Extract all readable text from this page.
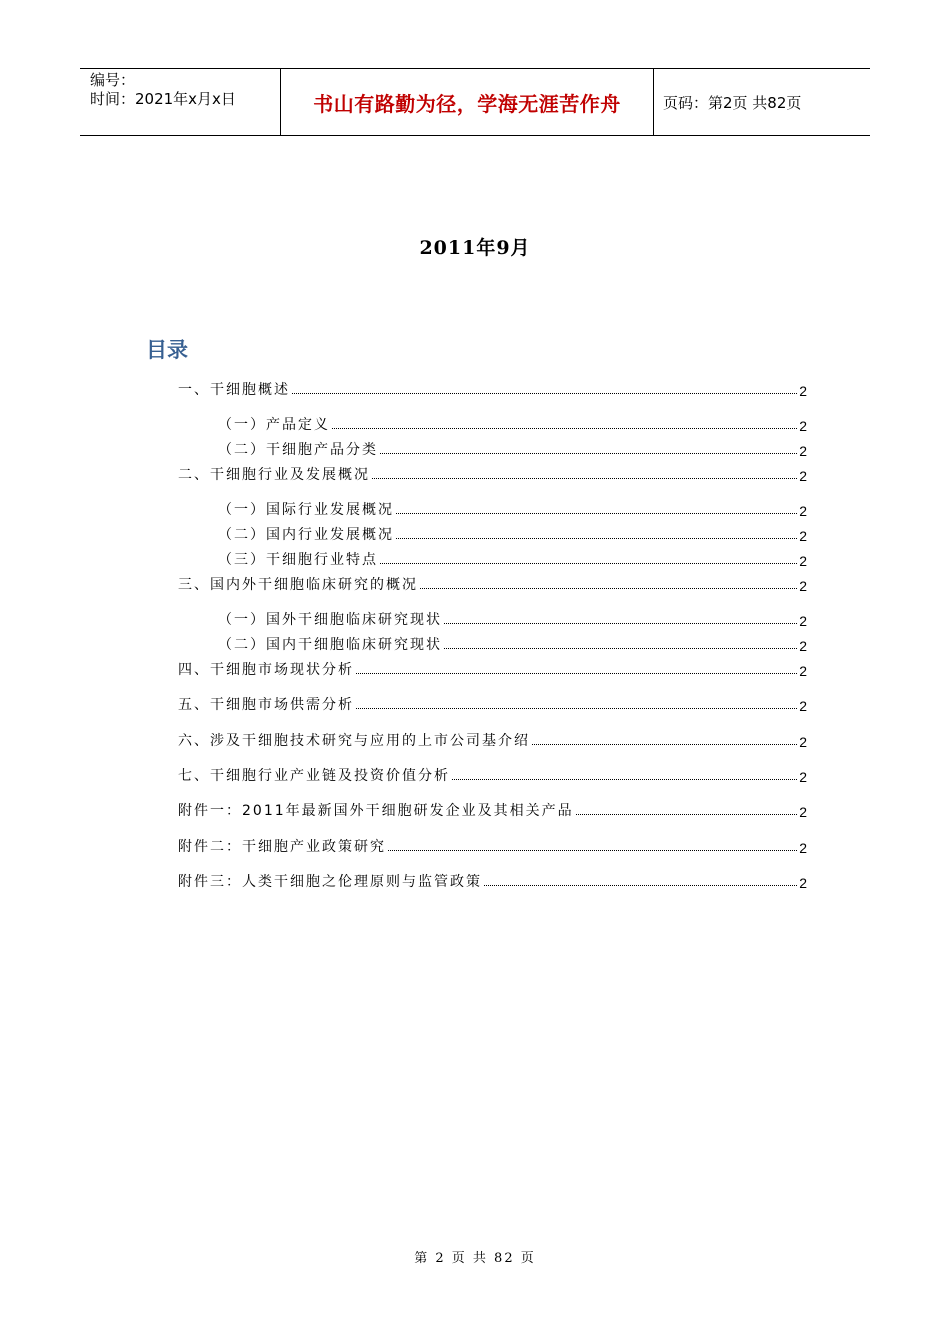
编号：
时间：2021年x月x日	书山有路勤为径，学海无涯苦作舟	页码：第2页 共82页
2011年9月
目录
一、干细胞概述	2
（一）产品定义	2
（二）干细胞产品分类	2
二、干细胞行业及发展概况	2
（一）国际行业发展概况	2
（二）国内行业发展概况	2
（三）干细胞行业特点	2
三、国内外干细胞临床研究的概况	2
（一）国外干细胞临床研究现状	2
（二）国内干细胞临床研究现状	2
四、干细胞市场现状分析	2
五、干细胞市场供需分析	2
六、涉及干细胞技术研究与应用的上市公司基介绍	2
七、干细胞行业产业链及投资价值分析	2
附件一：2011年最新国外干细胞研发企业及其相关产品	2
附件二：干细胞产业政策研究	2
附件三：人类干细胞之伦理原则与监管政策	2
第 2 页 共 82 页
